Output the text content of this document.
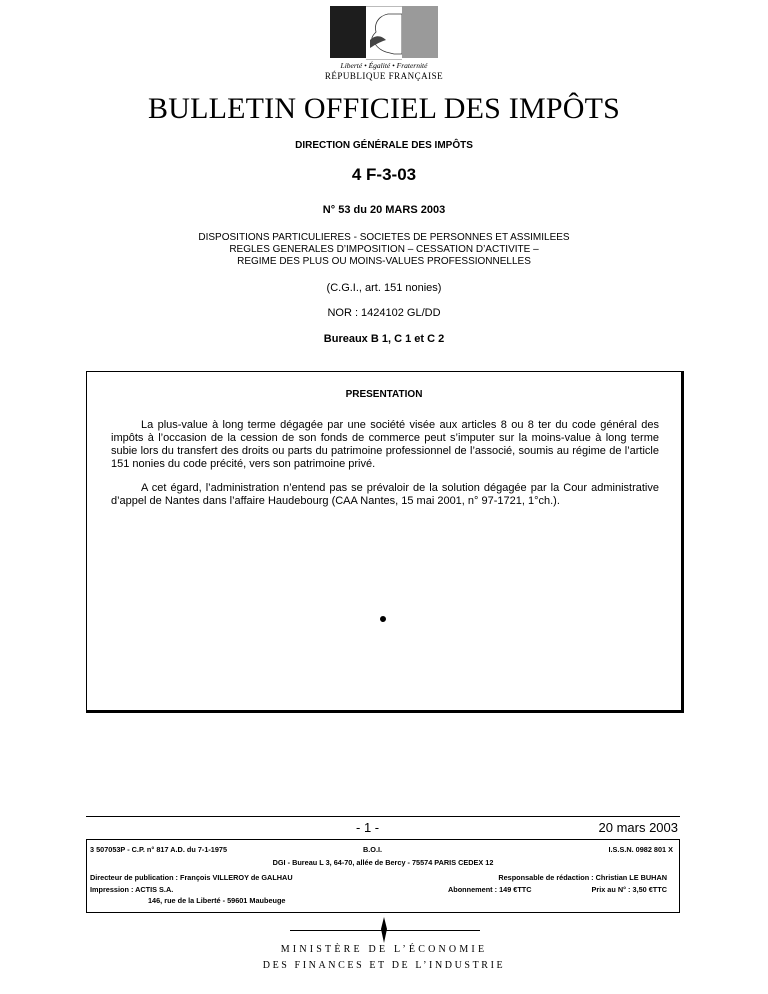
Liberté • Égalité • Fraternité
RÉPUBLIQUE FRANÇAISE
BULLETIN OFFICIEL DES IMPÔTS
DIRECTION GÉNÉRALE DES IMPÔTS
4 F-3-03
N° 53 du 20 MARS 2003
DISPOSITIONS PARTICULIERES - SOCIETES DE PERSONNES ET ASSIMILEES
REGLES GENERALES D’IMPOSITION – CESSATION D’ACTIVITE –
REGIME DES PLUS OU MOINS-VALUES PROFESSIONNELLES
(C.G.I., art. 151 nonies)
NOR : 1424102 GL/DD
Bureaux B 1, C 1 et C 2
PRESENTATION
La plus-value à long terme dégagée par une société visée aux articles 8 ou 8 ter du code général des impôts à l’occasion de la cession de son fonds de commerce peut s’imputer sur la moins-value à long terme subie lors du transfert des droits ou parts du patrimoine professionnel de l’associé, soumis au régime de l’article 151 nonies du code précité, vers son patrimoine privé.
A cet égard, l’administration n’entend pas se prévaloir de la solution dégagée par la Cour administrative d’appel de Nantes dans l’affaire Haudebourg (CAA Nantes, 15 mai 2001, n° 97-1721, 1°ch.).
- 1 -	20 mars 2003
3 507053P - C.P. n° 817 A.D. du 7-1-1975	B.O.I.	I.S.S.N. 0982 801 X
DGI - Bureau L 3, 64-70, allée de Bercy - 75574 PARIS CEDEX 12
Directeur de publication : François VILLEROY de GALHAU	Responsable de rédaction : Christian LE BUHAN
Impression : ACTIS S.A.	Abonnement : 149 €TTC	Prix au N° : 3,50 €TTC
146, rue de la Liberté - 59601 Maubeuge
MINISTÈRE DE L’ÉCONOMIE
DES FINANCES ET DE L’INDUSTRIE
